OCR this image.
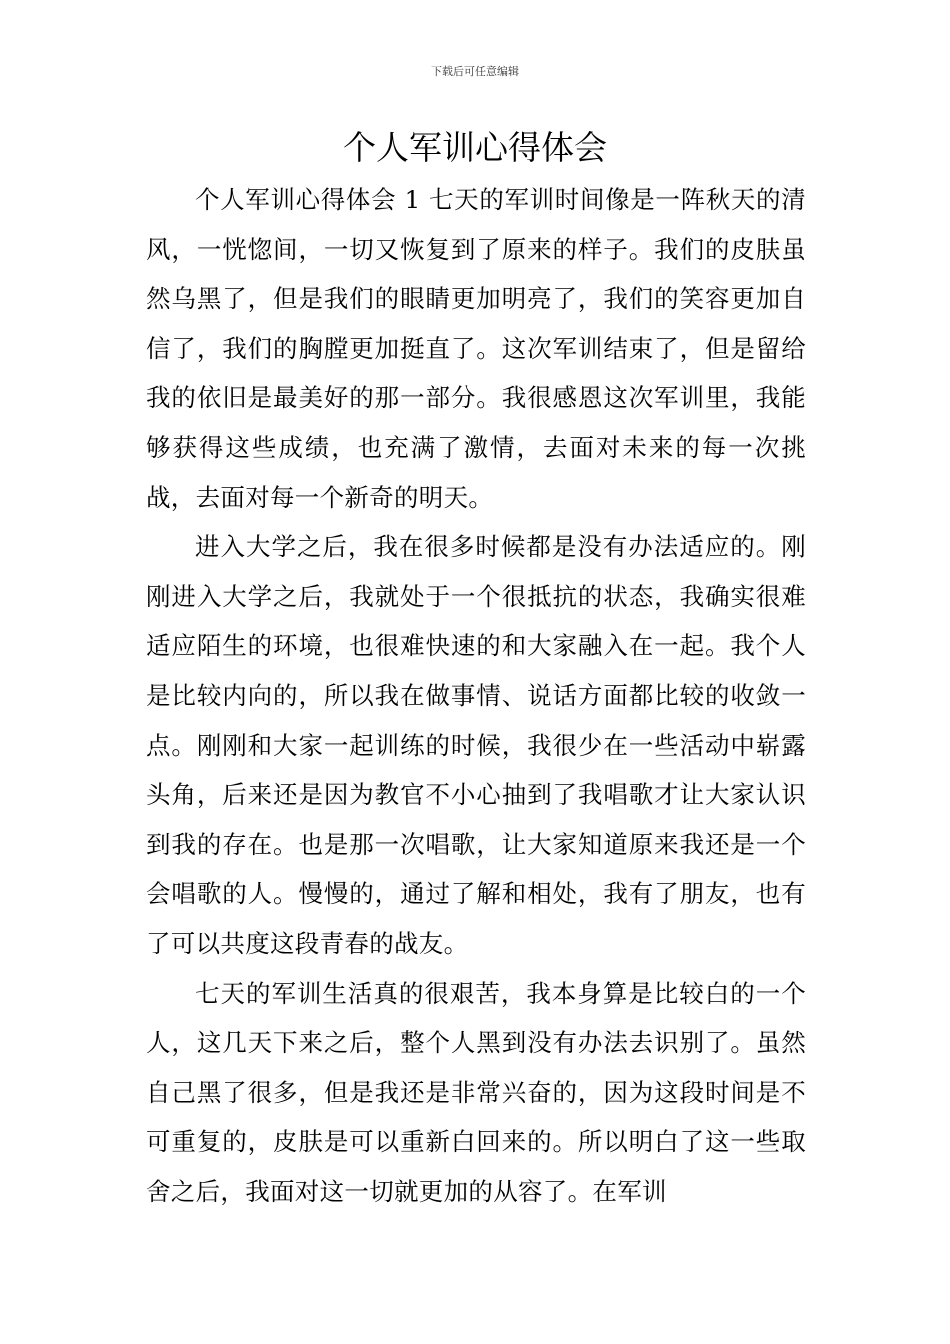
下载后可任意编辑
个人军训心得体会

个人军训心得体会 1 七天的军训时间像是一阵秋天的清风，一恍惚间，一切又恢复到了原来的样子。我们的皮肤虽然乌黑了，但是我们的眼睛更加明亮了，我们的笑容更加自信了，我们的胸膛更加挺直了。这次军训结束了，但是留给我的依旧是最美好的那一部分。我很感恩这次军训里，我能够获得这些成绩，也充满了激情，去面对未来的每一次挑战，去面对每一个新奇的明天。

进入大学之后，我在很多时候都是没有办法适应的。刚刚进入大学之后，我就处于一个很抵抗的状态，我确实很难适应陌生的环境，也很难快速的和大家融入在一起。我个人是比较内向的，所以我在做事情、说话方面都比较的收敛一点。刚刚和大家一起训练的时候，我很少在一些活动中崭露头角，后来还是因为教官不小心抽到了我唱歌才让大家认识到我的存在。也是那一次唱歌，让大家知道原来我还是一个会唱歌的人。慢慢的，通过了解和相处，我有了朋友，也有了可以共度这段青春的战友。

七天的军训生活真的很艰苦，我本身算是比较白的一个人，这几天下来之后，整个人黑到没有办法去识别了。虽然自己黑了很多，但是我还是非常兴奋的，因为这段时间是不可重复的，皮肤是可以重新白回来的。所以明白了这一些取舍之后，我面对这一切就更加的从容了。在军训
